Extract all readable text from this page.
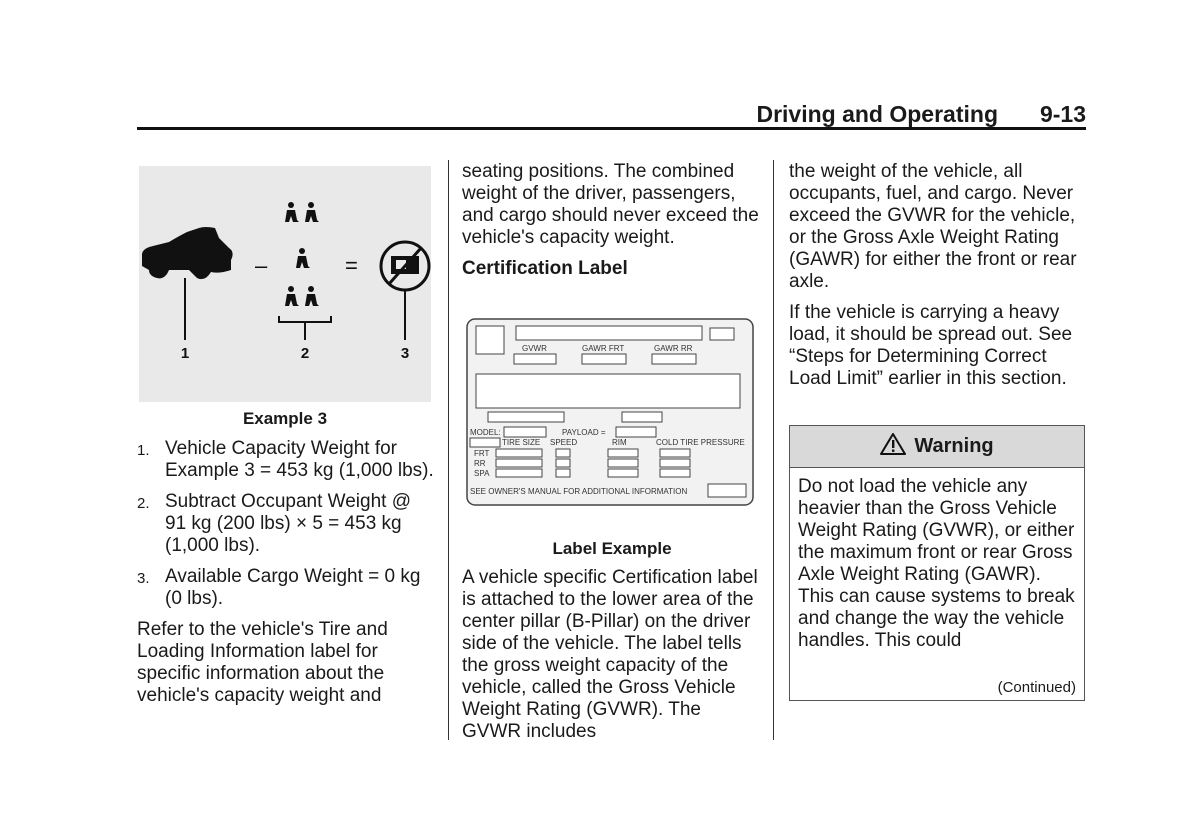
Driving and Operating 9-13
–	=
1	2	3
Example 3
1. Vehicle Capacity Weight for Example 3 = 453 kg (1,000 lbs).
2. Subtract Occupant Weight @ 91 kg (200 lbs) × 5 = 453 kg (1,000 lbs).
3. Available Cargo Weight = 0 kg (0 lbs).

Refer to the vehicle's Tire and Loading Information label for specific information about the vehicle's capacity weight and

seating positions. The combined weight of the driver, passengers, and cargo should never exceed the vehicle's capacity weight.

Certification Label

GVWR	GAWR FRT	GAWR RR
MODEL:	PAYLOAD =
TIRE SIZE SPEED	RIM	COLD TIRE PRESSURE
FRT
RR
SPA
SEE OWNER'S MANUAL FOR ADDITIONAL INFORMATION
Label Example

A vehicle specific Certification label is attached to the lower area of the center pillar (B-Pillar) on the driver side of the vehicle. The label tells the gross weight capacity of the vehicle, called the Gross Vehicle Weight Rating (GVWR). The GVWR includes

the weight of the vehicle, all occupants, fuel, and cargo. Never exceed the GVWR for the vehicle, or the Gross Axle Weight Rating (GAWR) for either the front or rear axle.

If the vehicle is carrying a heavy load, it should be spread out. See “Steps for Determining Correct Load Limit” earlier in this section.

Warning
Do not load the vehicle any heavier than the Gross Vehicle Weight Rating (GVWR), or either the maximum front or rear Gross Axle Weight Rating (GAWR). This can cause systems to break and change the way the vehicle handles. This could
(Continued)
